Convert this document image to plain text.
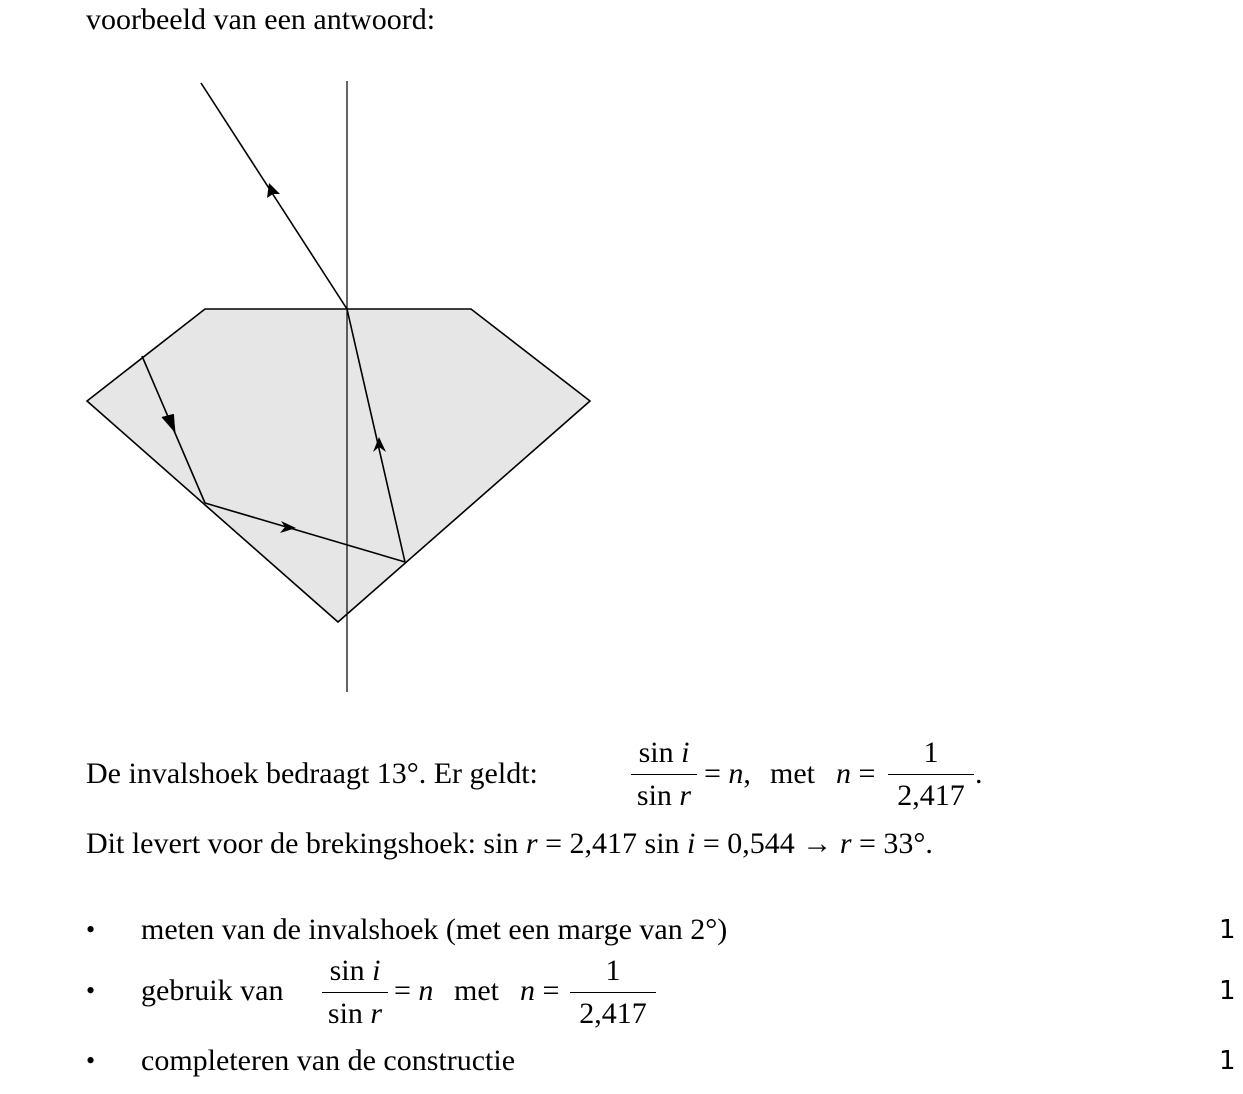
voorbeeld van een antwoord:
De invalshoek bedraagt 13°. Er geldt:
sin i
sin r
= n, met n =
1
2,417
.
Dit levert voor de brekingshoek: sin r = 2,417 sin i = 0,544 → r = 33°.
• meten van de invalshoek (met een marge van 2°)	1
• gebruik van
sin i
sin r
= n met n =
1
2,417
1
• completeren van de constructie	1
